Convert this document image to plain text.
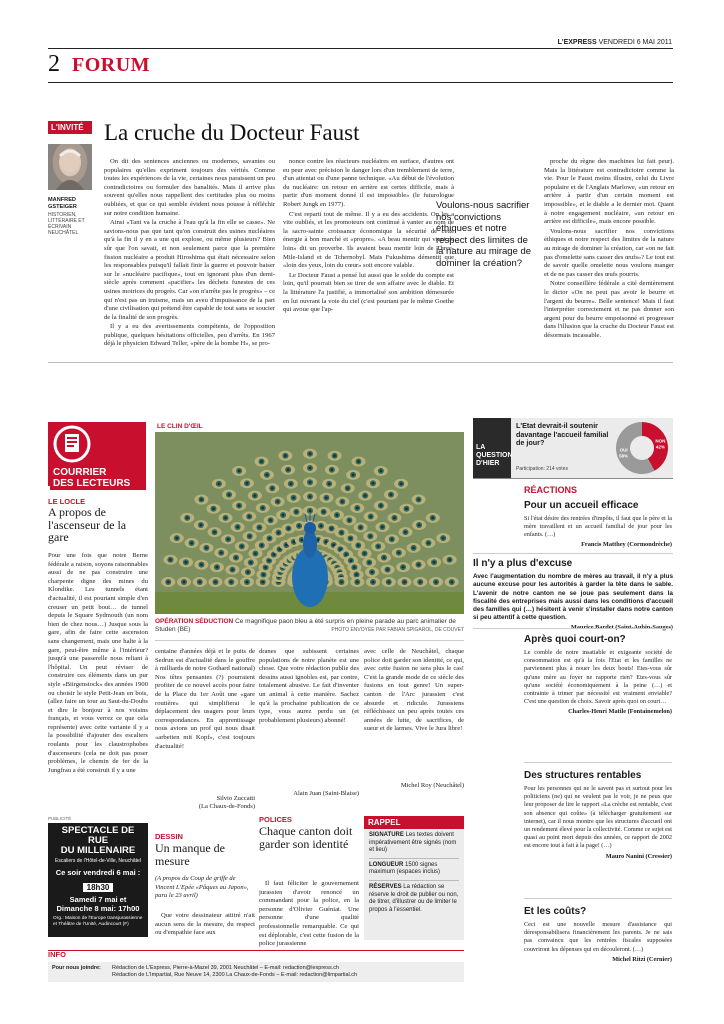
L'EXPRESS VENDREDI 6 MAI 2011
2 FORUM
L'INVITÉ
MANFRED GSTEIGER
HISTORIEN, LITTÉRAIRE ET ÉCRIVAIN NEUCHÂTEL
La cruche du Docteur Faust

On dit des sentences anciennes ou modernes, savantes ou populaires qu'elles expriment toujours des vérités. Comme toutes les expériences de la vie, certaines nous paraissent un peu contradictoires ou formuler des banalités. Mais il arrive plus souvent qu'elles nous rappellent des certitudes plus ou moins oubliées, et que ce qui semble évident nous pousse à réfléchir sur notre condition humaine.

Ainsi «Tant va la cruche à l'eau qu'à la fin elle se casse». Ne savions-nous pas que tant qu'on construit des usines nucléaires qu'à la fin il y en a une qui explose, ou même plusieurs? Bien sûr que l'on savait, et non seulement parce que la première fission nucléaire a produit Hiroshima qui était nécessaire selon les responsables puisqu'il fallait finir la guerre et pouvoir baiser sur le «nucléaire pacifique», tout en ignorant plus d'un demi-siècle après comment «pacifier» les déchets funestes de ces usines motrices du progrès. Car «on n'arrête pas le progrès» – ce qui n'est pas un truisme, mais un aveu d'impuissance de la part d'une civilisation qui prétend être capable de tout sans se soucier de la finalité de son progrès.

Il y a eu des avertissements compétents, de l'opposition publique, quelques hésitations officielles, peu d'arrêts. En 1967 déjà le physicien Edward Teller, «père de la bombe H», se pro-

nonce contre les réacteurs nucléaires en surface, d'autres ont eu peur avec précision le danger lors d'un tremblement de terre, d'un attentat ou d'une panne technique. «Au début de l'évolution du nucléaire: un retour en arrière est certes difficile, mais à partir d'un moment donné il est impossible» (le futurologue Robert Jungk en 1977).

C'est reparti tout de même. Il y a eu des accidents. On les a vite oubliés, et les promoteurs ont continué à vanter au nom de la sacro-sainte croissance économique la sécurité de cette énergie à bon marché et «propre». «A beau mentir qui vient de loin» dit un proverbe. Ils avaient beau mentir loin de Three-Mile-Island et de Tchernobyl. Mais Fukushima démentit que «loin des yeux, loin du cœur» soit encore valable.

Le Docteur Faust a pensé lui aussi que le solde du compte est loin, qu'il pourrait bien se tirer de son affaire avec le diable. Et la littérature l'a justifié, a immortalisé son ambition démesurée en lui ouvrant la voie du ciel (c'est pourtant par le même Goethe qui avoue que l'ap-

Voulons-nous sacrifier nos convictions éthiques et notre respect des limites de la nature au mirage de dominer la création?

proche du règne des machines lui fait peur). Mais la littérature est contradictoire comme la vie. Pour le Faust moins illustre, celui du Livre populaire et de l'Anglais Marlowe, «un retour en arrière à partir d'un certain moment est impossible», et le diable a le dernier mot. Quant à notre engagement nucléaire, «un retour en arrière est difficile», mais encore possible.

Voulons-nous sacrifier nos convictions éthiques et notre respect des limites de la nature au mirage de dominer la création, car «on ne fait pas d'omelette sans casser des œufs»? Le tout est de savoir quelle omelette nous voulons manger et de ne pas casser des œufs pourris.

Notre conseillère fédérale a cité dernièrement le dictor «On ne peut pas avoir le beurre et l'argent du beurre». Belle sentence! Mais il faut l'interpréter correctement et ne pas donner son argent pour du beurre empoisonné et progresser dans l'illusion que la cruche du Docteur Faust est désormais incassable.

COURRIER
DES LECTEURS
LE LOCLE
A propos de l'ascenseur de la gare

Pour une fois que notre Berne fédérale a raison, soyons raisonnables aussi de ne pas construire une charpente digne des mines du Klondike. Les tunnels étant d'actualité, il est pourtant simple d'en creuser un petit bout… de tunnel depuis le Square Sydmouth (un nom bien de chez nous…) Jusque sous la gare, afin de faire cette ascension sans changement, mais une halte à la gare, peut-être même à l'intérieur? jusqu'à une passerelle nous reliant à l'hôpital. Un peut réviser de construire ces éléments dans un pur style «Biirgenstock» des années 1900 ou choisir le style Petit-Jean en bois, (allez faire un tour au Saut-du-Doubs et dire le bonjour à nos voisins français, et vous verrez ce que cela représente) avec cette variante il y a la possibilité d'ajouter des escaliers roulants pour les claustrophobes d'ascenseurs (cela ne doit pas poser problèmes, le chemin de fer de la Jungfrau a été construit il y a une

LE CLIN D'ŒIL
OPÉRATION SÉDUCTION Ce magnifique paon bleu a été surpris en pleine parade au parc animalier de Studen (BE)	PHOTO ENVOYÉE PAR FABIAN SPIGAROL, DE COUVET

centaine d'années déjà et le puits de Sedrun est d'actualité dans le gouffre à milliards de notre Gothard national) Nos têtes pensantes (?) pourraient profiter de ce nouvel accès pour faire de la Place du 1er Août une «gare routière» qui simplifierai le déplacement des usagers pour leurs correspondances. En apprentissage nous avions un prof qui nous disait «arbeiten mit Kopf», c'est toujours d'actualité!

Silvio Zuccatti
(La Chaux-de-Fonds)

dranes que subissent certaines populations de notre planète est une chose. Que votre rédaction publie des dessins aussi ignobles est, par contre, totalement abusive. Le fait d'inventer un animal à cette manière. Sachez qu'à la prochaine publication de ce type, vous aurez perdu un (et probablement plusieurs) abonné!

Alain Juan (Saint-Blaise)

avec celle de Neuchâtel, chaque police doit garder son identité, ce qui, avec cette fusion ne sera plus le cas! C'est la grande mode de ce siècle des fusions en tout genre! Un super-canton de l'Arc jurassien c'est absurde et ridicule. Jurassiens réfléchissez un peu après toutes ces années de lutte, de sacrifices, de sueur et de larmes. Vive le Jura libre!

Michel Roy (Neuchâtel)
DESSIN
Un manque de mesure
(A propos du Coup de griffe de Vincent L'Epée «Pâques au Japon», paru le 23 avril)

Que votre dessinateur attitré n'ait aucun sens de la mesure, du respect ou d'empathie face aux

POLICES
Chaque canton doit garder son identité

Il faut féliciter le gouvernement jurassien d'avoir renoncé un commandant pour la police, en la personne d'Olivier Guéniat. Une personne d'une qualité professionnelle remarquable. Ce qui est déplorable, c'est cette fusion de la police jurassienne

RAPPEL
SIGNATURE Les textes doivent impérativement être signés (nom et lieu)
LONGUEUR 1500 signes maximum (espaces inclus)
RÉSERVES La rédaction se réserve le droit de publier ou non, de titrer, d'illustrer ou de limiter le propos à l'essentiel.
PUBLICITÉ
SPECTACLE DE RUE
DU MILLENAIRE
Escaliers de l'Hôtel-de-Ville, Neuchâtel
Ce soir vendredi 6 mai :
18h30
Samedi 7 mai et
Dimanche 8 mai: 17h00
Org.: Maison de l'Europe transjurassienne et Théâtre de l'Unité, Audincourt (F)
INFO
Pour nous joindre:	Rédaction de L'Express, Pierre-à-Mazel 39, 2001 Neuchâtel – E-mail: redaction@lexpress.ch
Rédaction de L'Impartial, Rue Neuve 14, 2300 La Chaux-de-Fonds – E-mail: redaction@limpartial.ch
LA
QUESTION
D'HIER
L'Etat devrait-il soutenir davantage l'accueil familial de jour?
Participation: 214 votes
NON
42%
OUI
58%
RÉACTIONS
Pour un accueil efficace
Si l'état désire des rentrées d'impôts, il faut que le père et la mère travaillent et un accueil familial de jour pour les enfants. (…)
Francis Matthey (Cormondrèche)
Il n'y a plus d'excuse
Avec l'augmentation du nombre de mères au travail, il n'y a plus aucune excuse pour les autorités à garder la tête dans le sable. L'avenir de notre canton ne se joue pas seulement dans la fiscalité des entreprises mais aussi dans les conditions d'accueil des familles qui (…) hésitent à venir s'installer dans notre canton si peu attentif à cette question.
Après quoi court-on?
Le comble de notre insatiable et exigeante société de consommation est qu'à la fois l'Etat et les familles ne parviennent plus à nouer les deux bouts! Etes-vous sûr qu'une mère au foyer ne rapporte rien? Etes-vous sûr qu'une société économiquement à la peine (…) et contrainte à trimer par nécessité est vraiment enviable? C'est une question de choix. Savoir après quoi on court…
Charles-Henri Matile (Fontainemelon)
Des structures rentables
Pour les personnes qui ne le savent pas et surtout pour les politiciens (ne) qui ne veulent pas le voir, je ne peux que leur proposer de lire le rapport «La crèche est rentable, c'est son absence qui coûte» (à télécharger gratuitement sur internet), car il nous montre que les structures d'accueil ont un rendement élevé pour la collectivité. Comme ce sujet est quasi au point mort depuis des années, ce rapport de 2002 est encore tout à fait à la page! (…)
Mauro Nanini (Cressier)
Et les coûts?
Ceci est une nouvelle mesure d'assistance qui déresponsabilisera financièrement les parents. Je ne sais pas convaincu que les rentrées fiscales supposées couvriront les dépenses qui en découleront. (…)
Michel Ritzi (Cernier)
